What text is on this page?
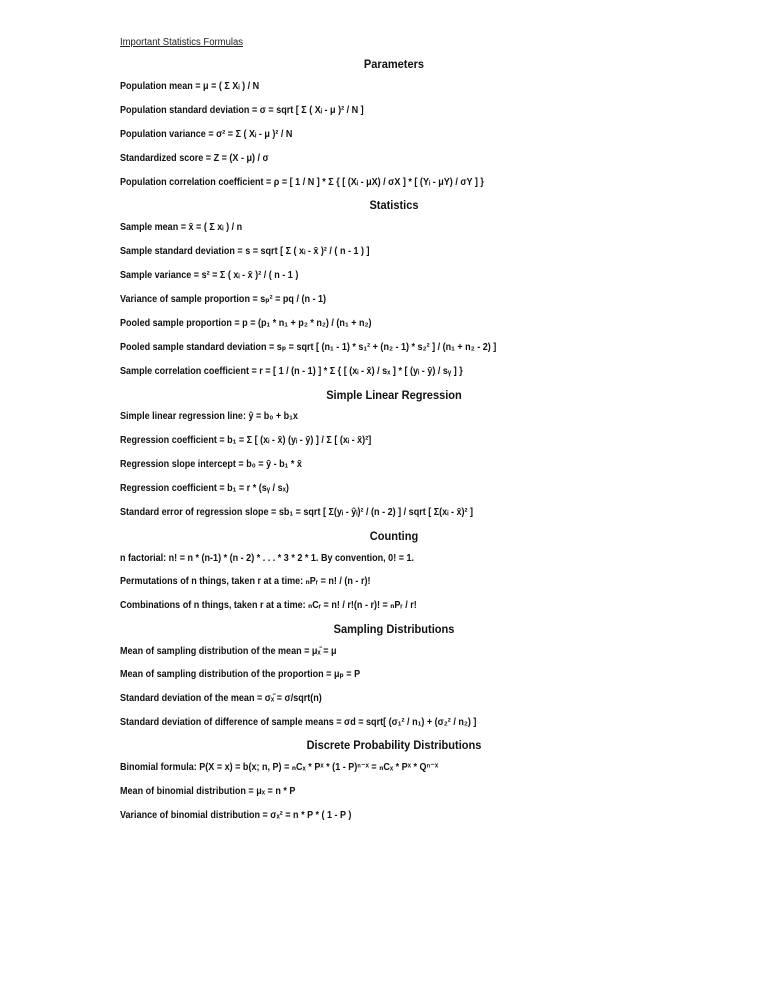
Important Statistics Formulas
Parameters
Population mean = μ = ( Σ Xᵢ ) / N
Population standard deviation = σ = sqrt [ Σ ( Xᵢ - μ )² / N ]
Population variance = σ² = Σ ( Xᵢ - μ )² / N
Standardized score = Z = (X - μ) / σ
Population correlation coefficient = ρ = [ 1 / N ] * Σ { [ (Xᵢ - μX) / σX ] * [ (Yᵢ - μY) / σY ] }
Statistics
Sample mean = x̄ = ( Σ xᵢ ) / n
Sample standard deviation = s = sqrt [ Σ ( xᵢ - x̄ )² / ( n - 1 ) ]
Sample variance = s² = Σ ( xᵢ - x̄ )² / ( n - 1 )
Variance of sample proportion = sₚ² = pq / (n - 1)
Pooled sample proportion = p = (p₁ * n₁ + p₂ * n₂) / (n₁ + n₂)
Pooled sample standard deviation = sₚ = sqrt [ (n₁ - 1) * s₁² + (n₂ - 1) * s₂² ] / (n₁ + n₂ - 2) ]
Sample correlation coefficient = r = [ 1 / (n - 1) ] * Σ { [ (xᵢ - x̄) / sₓ ] * [ (yᵢ - ȳ) / sᵧ ] }
Simple Linear Regression
Simple linear regression line: ŷ = b₀ + b₁x
Regression coefficient = b₁ = Σ [ (xᵢ - x̄) (yᵢ - ȳ) ] / Σ [ (xᵢ - x̄)²]
Regression slope intercept = b₀ = ȳ - b₁ * x̄
Regression coefficient = b₁ = r * (sᵧ / sₓ)
Standard error of regression slope = sb₁ = sqrt [ Σ(yᵢ - ŷᵢ)² / (n - 2) ] / sqrt [ Σ(xᵢ - x̄)² ]
Counting
n factorial: n! = n * (n-1) * (n - 2) * . . . * 3 * 2 * 1. By convention, 0! = 1.
Permutations of n things, taken r at a time: ₙPᵣ = n! / (n - r)!
Combinations of n things, taken r at a time: ₙCᵣ = n! / r!(n - r)! = ₙPᵣ / r!
Sampling Distributions
Mean of sampling distribution of the mean = μₓ̄ = μ
Mean of sampling distribution of the proportion = μₚ = P
Standard deviation of the mean = σₓ̄ = σ/sqrt(n)
Standard deviation of difference of sample means = σd = sqrt[ (σ₁² / n₁) + (σ₂² / n₂) ]
Discrete Probability Distributions
Binomial formula: P(X = x) = b(x; n, P) = ₙCₓ * Pˣ * (1 - P)ⁿ⁻ˣ = ₙCₓ * Pˣ * Qⁿ⁻ˣ
Mean of binomial distribution = μₓ = n * P
Variance of binomial distribution = σₓ² = n * P * ( 1 - P )
